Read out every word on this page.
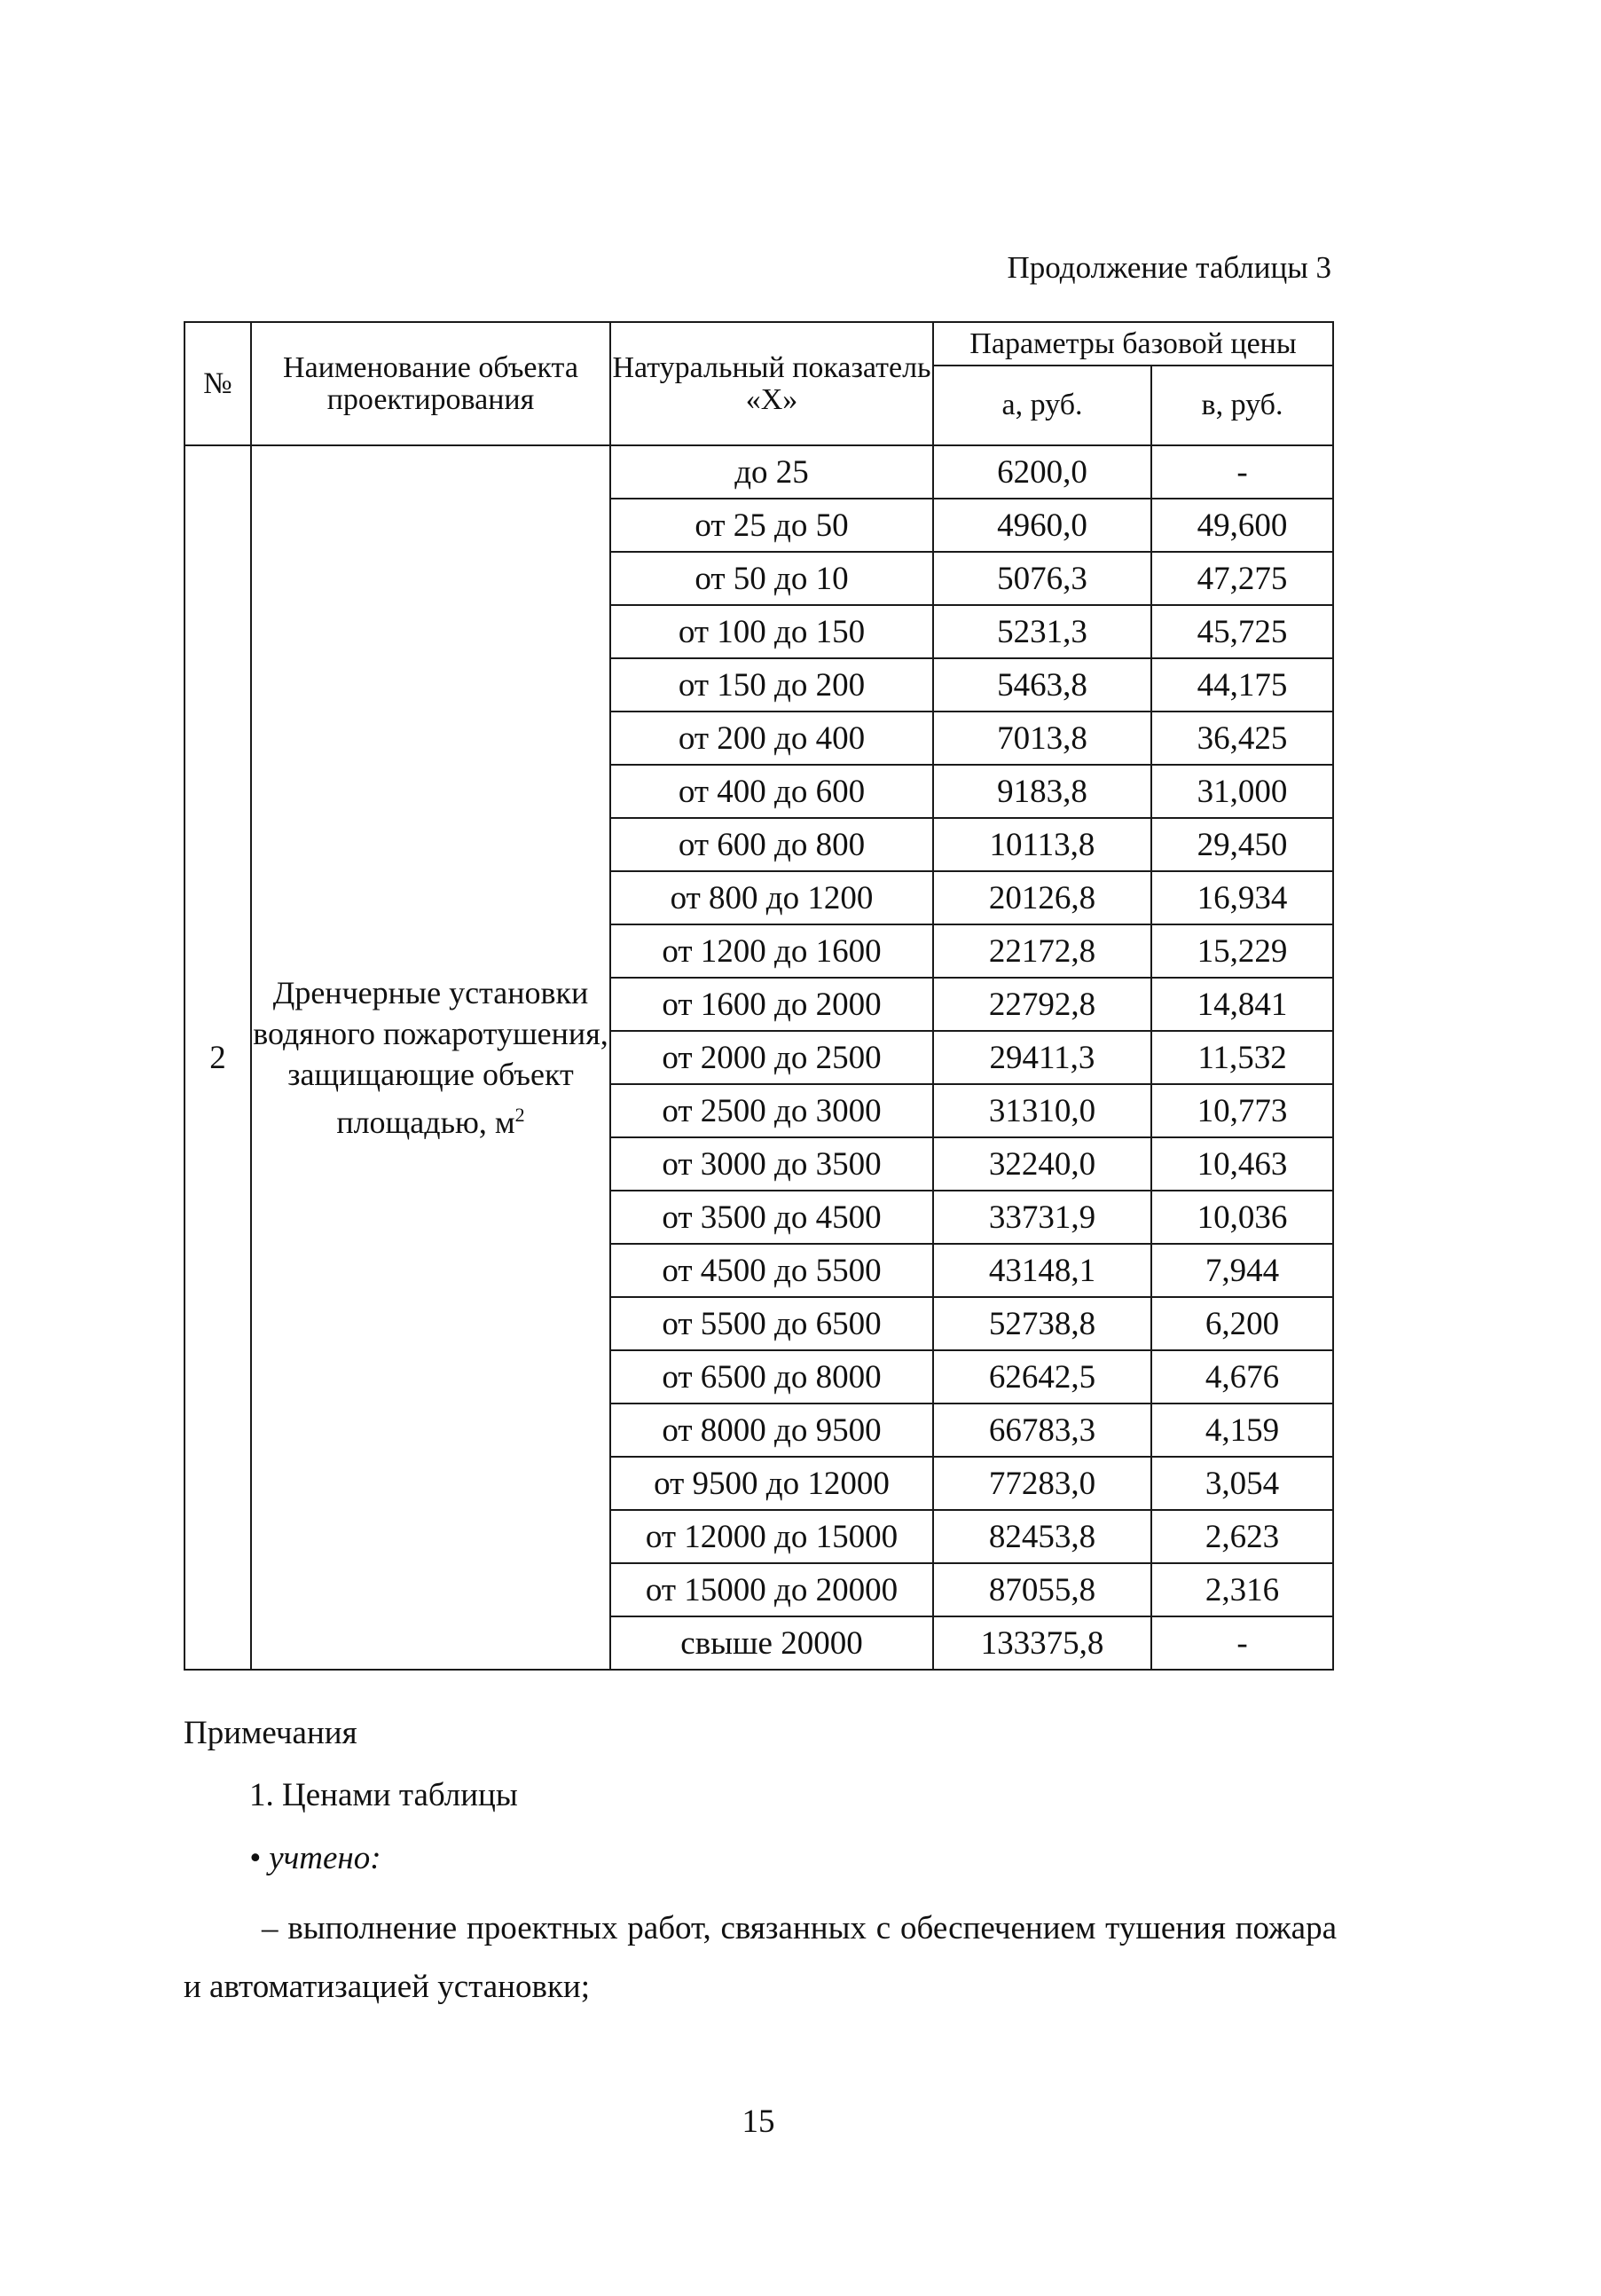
Продолжение таблицы 3
№	Наименование объекта проектирования	Натуральный показатель «X»	Параметры базовой цены	
			а, руб.	в, руб.
2	Дренчерные установки водяного пожаротушения, защищающие объект площадью, $м^2$	до 25	6200,0	-
		от 25 до 50	4960,0	49,600
		от 50 до 10	5076,3	47,275
		от 100 до 150	5231,3	45,725
		от 150 до 200	5463,8	44,175
		от 200 до 400	7013,8	36,425
		от 400 до 600	9183,8	31,000
		от 600 до 800	10113,8	29,450
		от 800 до 1200	20126,8	16,934
		от 1200 до 1600	22172,8	15,229
		от 1600 до 2000	22792,8	14,841
		от 2000 до 2500	29411,3	11,532
		от 2500 до 3000	31310,0	10,773
		от 3000 до 3500	32240,0	10,463
		от 3500 до 4500	33731,9	10,036
		от 4500 до 5500	43148,1	7,944
		от 5500 до 6500	52738,8	6,200
		от 6500 до 8000	62642,5	4,676
		от 8000 до 9500	66783,3	4,159
		от 9500 до 12000	77283,0	3,054
		от 12000 до 15000	82453,8	2,623
		от 15000 до 20000	87055,8	2,316
		свыше 20000	133375,8	-
Примечания
1. Ценами таблицы
• учтено:
– выполнение проектных работ, связанных с обеспечением тушения пожара и автоматизацией установки;
15
